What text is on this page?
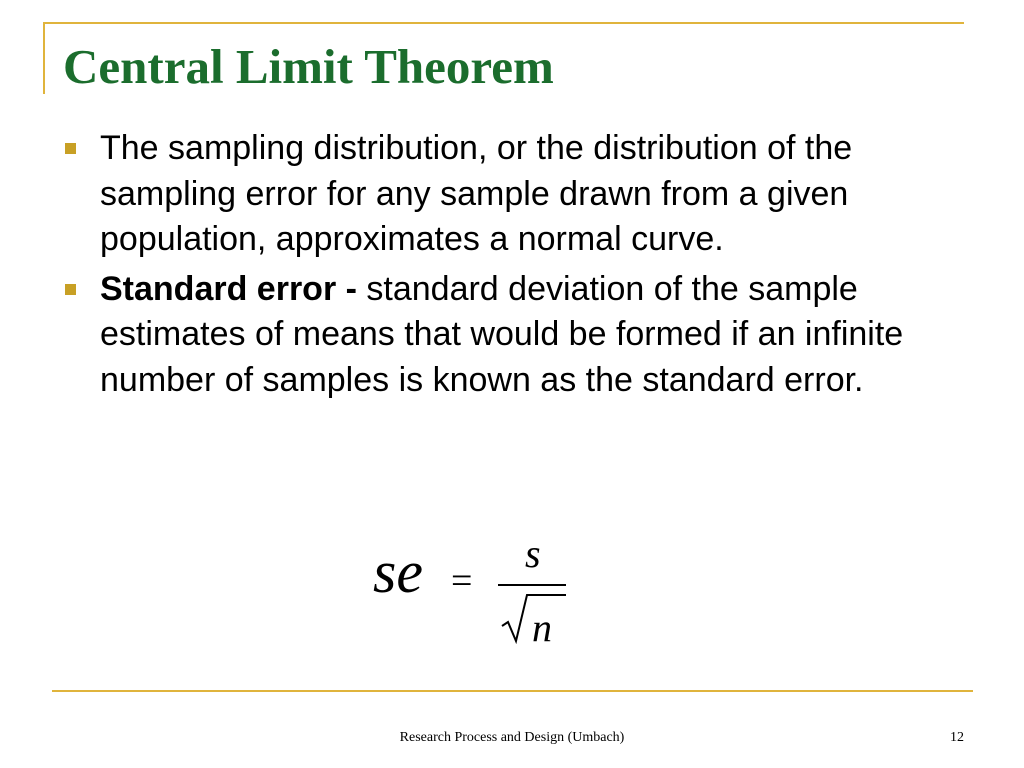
Central Limit Theorem
The sampling distribution, or the distribution of the sampling error for any sample drawn from a given population, approximates a normal curve.
Standard error - standard deviation of the sample estimates of means that would be formed if an infinite number of samples is known as the standard error.
se =
s
n
Research Process and Design (Umbach)	12
